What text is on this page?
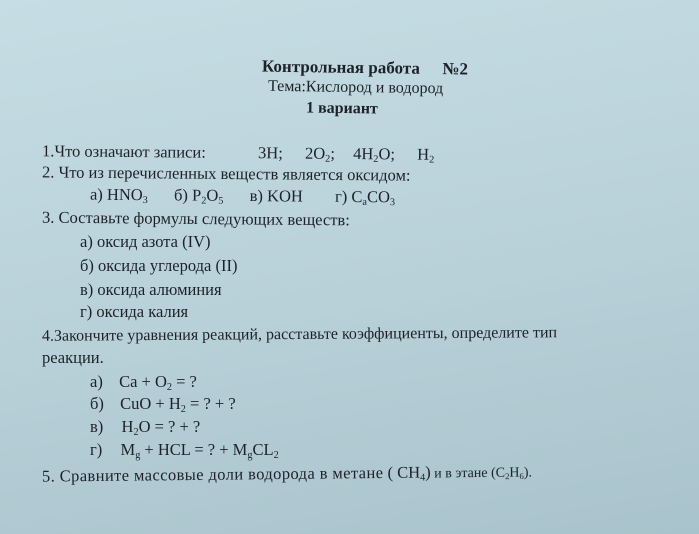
Контрольная работа №2
Тема:Кислород и водород
1 вариант
1.Что означают записи:	3H; $2O_2$; $4H_2O$; $H_2$
2. Что из перечисленных веществ является оксидом:
а) $HNO_3$ б) $P_2O_5$ в) KOH г) $C_aCO_3$
3. Составьте формулы следующих веществ:
а) оксид азота (IV)
б) оксида углерода (II)
в) оксида алюминия
г) оксида калия
4.Закончите уравнения реакций, расставьте коэффициенты, определите тип
реакции.
а) $Ca + O_2$ = ?
б) CuO + $H_2$ = ? + ?
в) $H_2O$ = ? + ?
г) $M_g$ + HCL = ? + $M_gCL_2$
5. Сравните массовые доли водорода в метане ( $CH_4$) и в этане $(C_2H_6)$.
